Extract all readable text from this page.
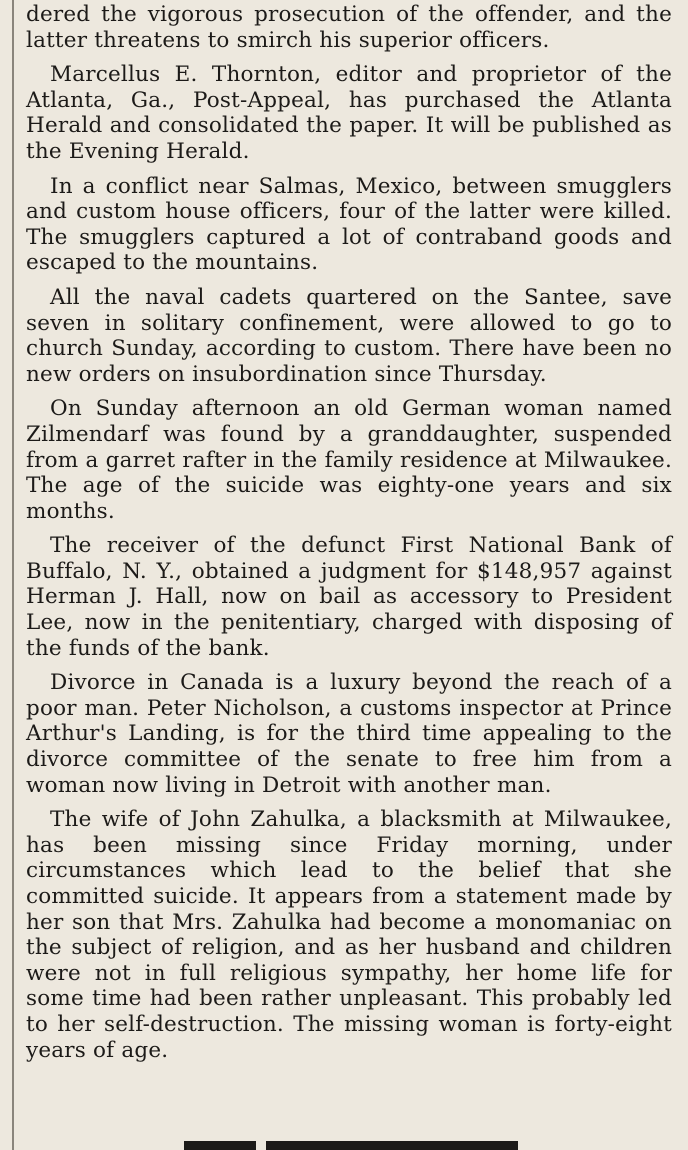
dered the vigorous prosecution of the offender, and the latter threatens to smirch his superior officers.

Marcellus E. Thornton, editor and proprietor of the Atlanta, Ga., Post-Appeal, has purchased the Atlanta Herald and consolidated the paper. It will be published as the Evening Herald.

In a conflict near Salmas, Mexico, between smugglers and custom house officers, four of the latter were killed. The smugglers captured a lot of contraband goods and escaped to the mountains.

All the naval cadets quartered on the Santee, save seven in solitary confinement, were allowed to go to church Sunday, according to custom. There have been no new orders on insubordination since Thursday.

On Sunday afternoon an old German woman named Zilmendarf was found by a granddaughter, suspended from a garret rafter in the family residence at Milwaukee. The age of the suicide was eighty-one years and six months.

The receiver of the defunct First National Bank of Buffalo, N. Y., obtained a judgment for $148,957 against Herman J. Hall, now on bail as accessory to President Lee, now in the penitentiary, charged with disposing of the funds of the bank.

Divorce in Canada is a luxury beyond the reach of a poor man. Peter Nicholson, a customs inspector at Prince Arthur's Landing, is for the third time appealing to the divorce committee of the senate to free him from a woman now living in Detroit with another man.

The wife of John Zahulka, a blacksmith at Milwaukee, has been missing since Friday morning, under circumstances which lead to the belief that she committed suicide. It appears from a statement made by her son that Mrs. Zahulka had become a monomaniac on the subject of religion, and as her husband and children were not in full religious sympathy, her home life for some time had been rather unpleasant. This probably led to her self-destruction. The missing woman is forty-eight years of age.
